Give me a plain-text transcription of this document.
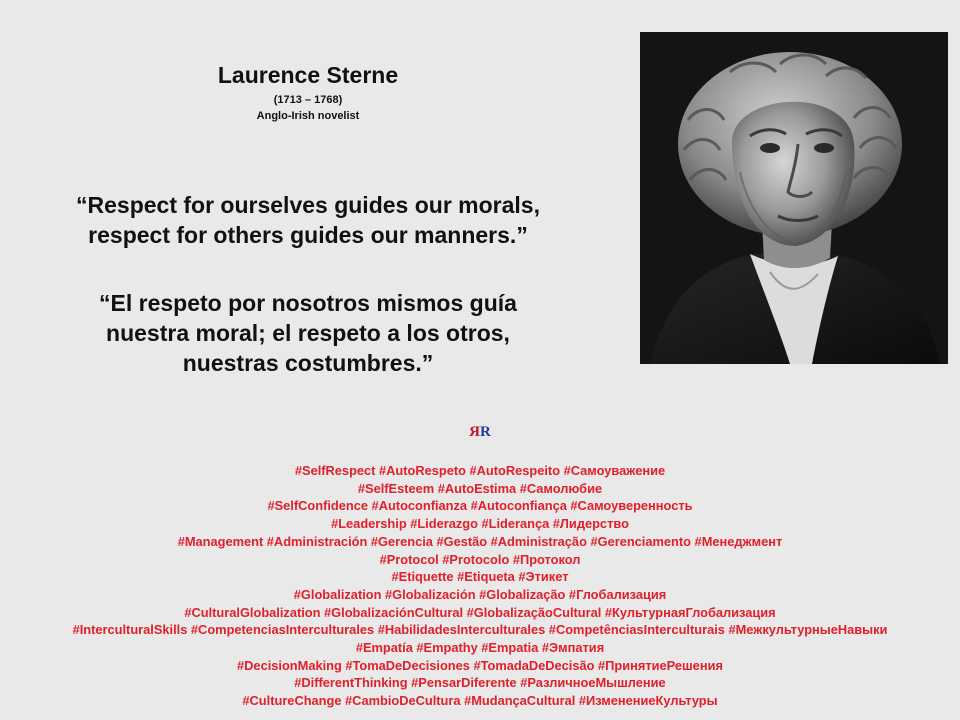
Laurence Sterne
(1713 – 1768)
Anglo-Irish novelist

“Respect for ourselves guides our morals,
respect for others guides our manners.”

“El respeto por nosotros mismos guía
nuestra moral; el respeto a los otros,
nuestras costumbres.”

ЯR
#SelfRespect #AutoRespeto #AutoRespeito #Самоуважение
#SelfEsteem #AutoEstima #Самолюбие
#SelfConfidence #Autoconfianza #Autoconfiança #Самоуверенность
#Leadership #Liderazgo #Liderança #Лидерство
#Management #Administración #Gerencia #Gestão #Administração #Gerenciamento #Менеджмент
#Protocol #Protocolo #Протокол
#Etiquette #Etiqueta #Этикет
#Globalization #Globalización #Globalização #Глобализация
#CulturalGlobalization #GlobalizaciónCultural #GlobalizaçãoCultural #КультурнаяГлобализация
#InterculturalSkills #CompetenciasInterculturales #HabilidadesInterculturales #CompetênciasInterculturais #МежкультурныеНавыки
#Empatía #Empathy #Empatia #Эмпатия
#DecisionMaking #TomaDeDecisiones #TomadaDeDecisão #ПринятиеРешения
#DifferentThinking #PensarDiferente #РазличноеМышление
#CultureChange #CambioDeCultura #MudançaCultural #ИзменениеКультуры
